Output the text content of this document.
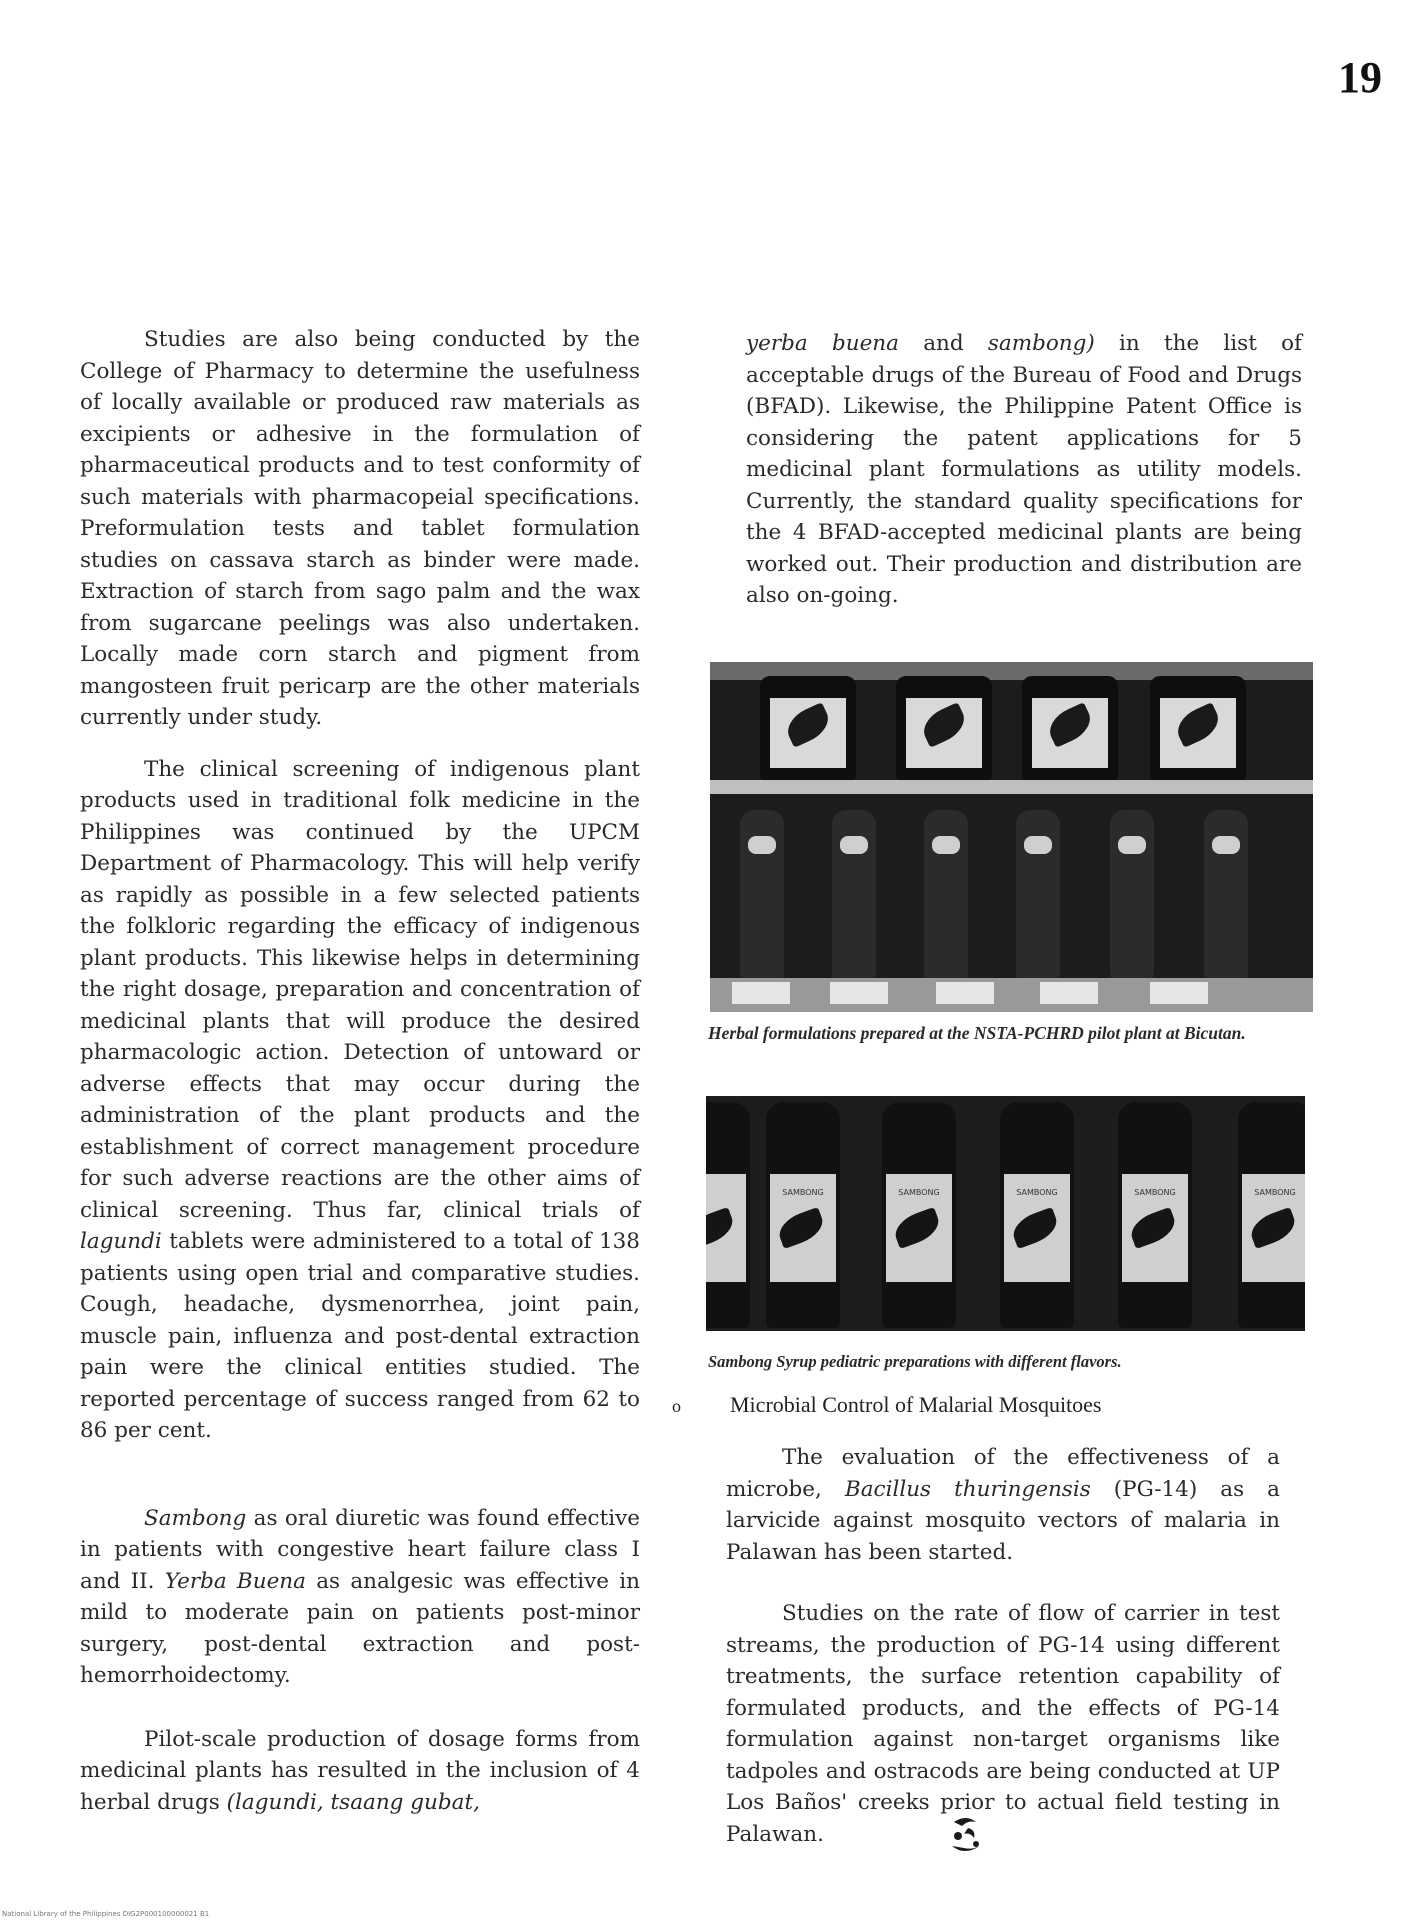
19

Studies are also being conducted by the College of Pharmacy to determine the usefulness of locally available or produced raw materials as excipients or adhesive in the formulation of pharmaceutical products and to test conformity of such materials with pharmacopeial specifications. Preformulation tests and tablet formulation studies on cassava starch as binder were made. Extraction of starch from sago palm and the wax from sugarcane peelings was also undertaken. Locally made corn starch and pigment from mangosteen fruit pericarp are the other materials currently under study.

The clinical screening of indigenous plant products used in traditional folk medicine in the Philippines was continued by the UPCM Department of Pharmacology. This will help verify as rapidly as possible in a few selected patients the folkloric regarding the efficacy of indigenous plant products. This likewise helps in determining the right dosage, preparation and concentration of medicinal plants that will produce the desired pharmacologic action. Detection of untoward or adverse effects that may occur during the administration of the plant products and the establishment of correct management procedure for such adverse reactions are the other aims of clinical screening. Thus far, clinical trials of lagundi tablets were administered to a total of 138 patients using open trial and comparative studies. Cough, headache, dysmenorrhea, joint pain, muscle pain, influenza and post-dental extraction pain were the clinical entities studied. The reported percentage of success ranged from 62 to 86 per cent.

Sambong as oral diuretic was found effective in patients with congestive heart failure class I and II. Yerba Buena as analgesic was effective in mild to moderate pain on patients post-minor surgery, post-dental extraction and post-hemorrhoidectomy.

Pilot-scale production of dosage forms from medicinal plants has resulted in the inclusion of 4 herbal drugs (lagundi, tsaang gubat,

yerba buena and sambong) in the list of acceptable drugs of the Bureau of Food and Drugs (BFAD). Likewise, the Philippine Patent Office is considering the patent applications for 5 medicinal plant formulations as utility models. Currently, the standard quality specifications for the 4 BFAD-accepted medicinal plants are being worked out. Their production and distribution are also on-going.

Herbal formulations prepared at the NSTA-PCHRD pilot plant at Bicutan.
SAMBONG	SAMBONG	SAMBONG	SAMBONG	SAMBONG
Sambong Syrup pediatric preparations with different flavors.
o Microbial Control of Malarial Mosquitoes

The evaluation of the effectiveness of a microbe, Bacillus thuringensis (PG-14) as a larvicide against mosquito vectors of malaria in Palawan has been started.

Studies on the rate of flow of carrier in test streams, the production of PG-14 using different treatments, the surface retention capability of formulated products, and the effects of PG-14 formulation against non-target organisms like tadpoles and ostracods are being conducted at UP Los Baños' creeks prior to actual field testing in Palawan.

National Library of the Philippines DIG2P000100000021 B1
